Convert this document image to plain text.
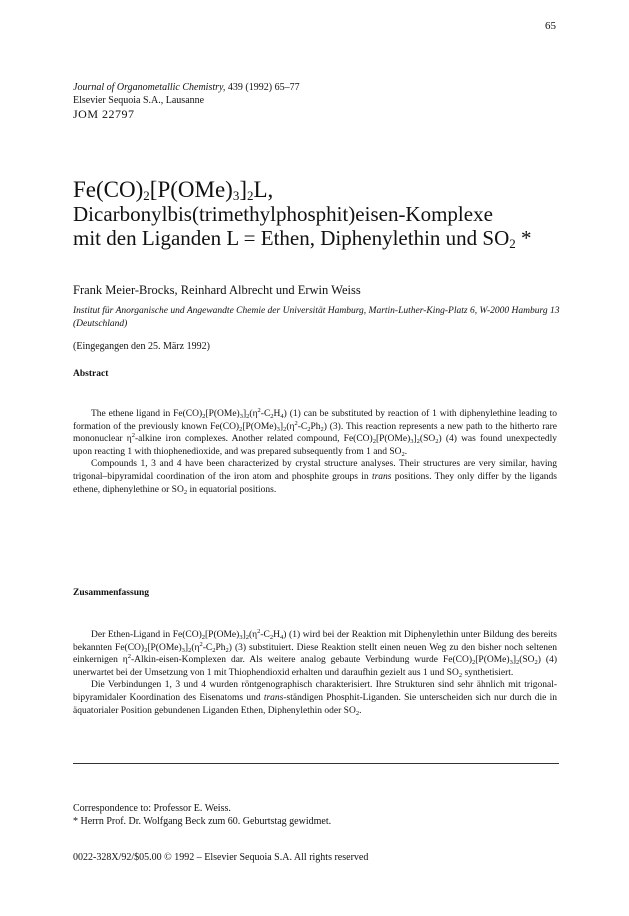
65
Journal of Organometallic Chemistry, 439 (1992) 65–77
Elsevier Sequoia S.A., Lausanne
JOM 22797
$Fe(CO)_2[P(OMe)_3]_2L$,
Dicarbonylbis(trimethylphosphit)eisen-Komplexe
mit den Liganden L = Ethen, Diphenylethin und $SO_2$ *
Frank Meier-Brocks, Reinhard Albrecht und Erwin Weiss
Institut für Anorganische und Angewandte Chemie der Universität Hamburg, Martin-Luther-King-Platz 6, W-2000 Hamburg 13 (Deutschland)
(Eingegangen den 25. März 1992)
Abstract

The ethene ligand in $Fe(CO)_2[P(OMe)_3]_2(\eta^2-C_2H_4)$ (1) can be substituted by reaction of 1 with diphenylethine leading to formation of the previously known $Fe(CO)_2[P(OMe)_3]_2(\eta^2-C_2Ph_2)$ (3). This reaction represents a new path to the hitherto rare mononuclear $\eta^2$-alkine iron complexes. Another related compound, $Fe(CO)_2[P(OMe)_3]_2(SO_2)$ (4) was found unexpectedly upon reacting 1 with thiophenedioxide, and was prepared subsequently from 1 and $SO_2$.

Compounds 1, 3 and 4 have been characterized by crystal structure analyses. Their structures are very similar, having trigonal–bipyramidal coordination of the iron atom and phosphite groups in trans positions. They only differ by the ligands ethene, diphenylethine or $SO_2$ in equatorial positions.

Zusammenfassung

Der Ethen-Ligand in $Fe(CO)_2[P(OMe)_3]_2(\eta^2-C_2H_4)$ (1) wird bei der Reaktion mit Diphenylethin unter Bildung des bereits bekannten $Fe(CO)_2[P(OMe)_3]_2(\eta^2-C_2Ph_2)$ (3) substituiert. Diese Reaktion stellt einen neuen Weg zu den bisher noch seltenen einkernigen $\eta^2-Alkin-eisen$-Komplexen dar. Als weitere analog gebaute Verbindung wurde $Fe(CO)_2[P(OMe)_3]_2(SO_2)$ (4) unerwartet bei der Umsetzung von 1 mit Thiophendioxid erhalten und daraufhin gezielt aus 1 und $SO_2$ synthetisiert.

Die Verbindungen 1, 3 und 4 wurden röntgenographisch charakterisiert. Ihre Strukturen sind sehr ähnlich mit trigonal-bipyramidaler Koordination des Eisenatoms und trans-ständigen Phosphit-Liganden. Sie unterscheiden sich nur durch die in äquatorialer Position gebundenen Liganden Ethen, Diphenylethin oder $SO_2$.

Correspondence to: Professor E. Weiss.
* Herrn Prof. Dr. Wolfgang Beck zum 60. Geburtstag gewidmet.
0022-328X/92/$05.00 © 1992 – Elsevier Sequoia S.A. All rights reserved
